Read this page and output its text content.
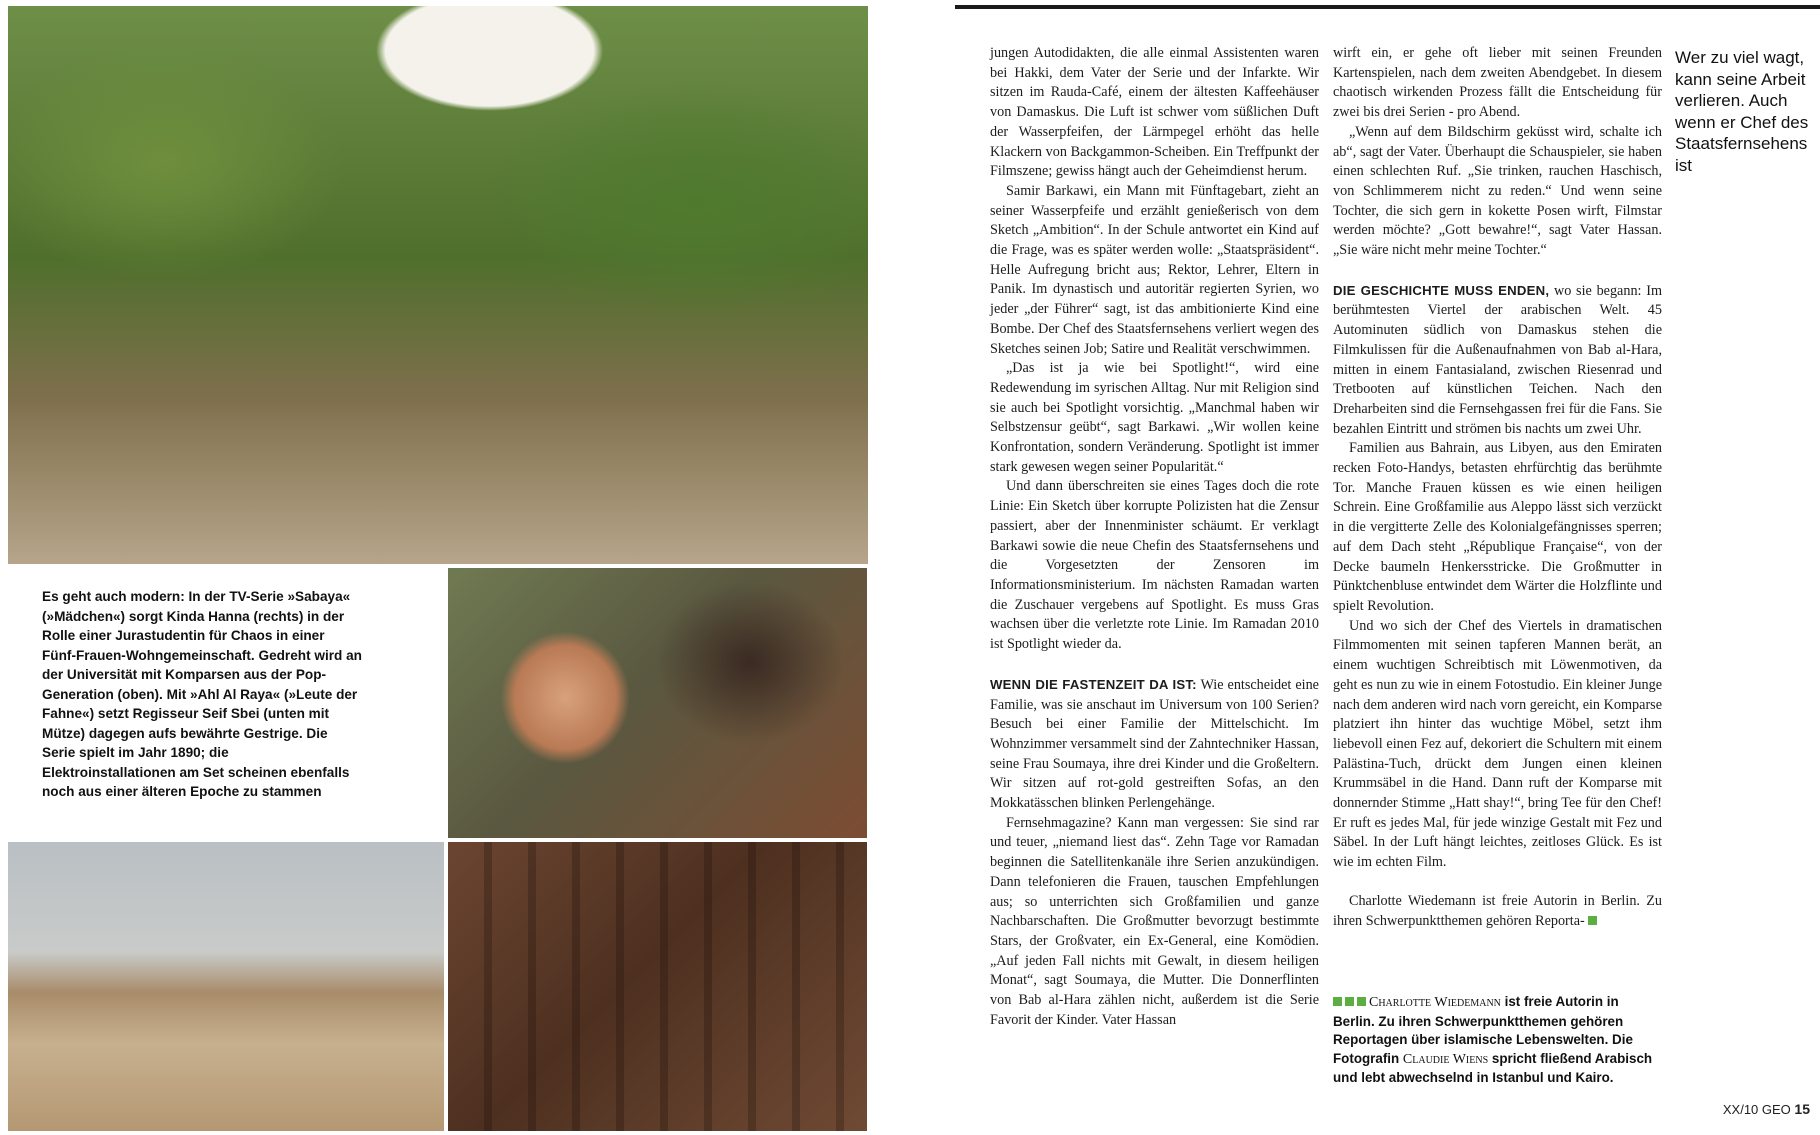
Es geht auch modern: In der TV-Serie »Sabaya« (»Mädchen«) sorgt Kinda Hanna (rechts) in der Rolle einer Jurastudentin für Chaos in einer Fünf-Frauen-Wohngemeinschaft. Gedreht wird an der Universität mit Komparsen aus der Pop-Generation (oben). Mit »Ahl Al Raya« (»Leute der Fahne«) setzt Regisseur Seif Sbei (unten mit Mütze) dagegen aufs bewährte Gestrige. Die Serie spielt im Jahr 1890; die Elektroinstallationen am Set scheinen ebenfalls noch aus einer älteren Epoche zu stammen

jungen Autodidakten, die alle einmal Assistenten waren bei Hakki, dem Vater der Serie und der Infarkte. Wir sitzen im Rauda-Café, einem der ältesten Kaffeehäuser von Damaskus. Die Luft ist schwer vom süßlichen Duft der Wasserpfeifen, der Lärmpegel erhöht das helle Klackern von Backgammon-Scheiben. Ein Treffpunkt der Filmszene; gewiss hängt auch der Geheimdienst herum.

Samir Barkawi, ein Mann mit Fünftagebart, zieht an seiner Wasserpfeife und erzählt genießerisch von dem Sketch „Ambition“. In der Schule antwortet ein Kind auf die Frage, was es später werden wolle: „Staatspräsident“. Helle Aufregung bricht aus; Rektor, Lehrer, Eltern in Panik. Im dynastisch und autoritär regierten Syrien, wo jeder „der Führer“ sagt, ist das ambitionierte Kind eine Bombe. Der Chef des Staatsfernsehens verliert wegen des Sketches seinen Job; Satire und Realität verschwimmen.

„Das ist ja wie bei Spotlight!“, wird eine Redewendung im syrischen Alltag. Nur mit Religion sind sie auch bei Spotlight vorsichtig. „Manchmal haben wir Selbstzensur geübt“, sagt Barkawi. „Wir wollen keine Konfrontation, sondern Veränderung. Spotlight ist immer stark gewesen wegen seiner Popularität.“

Und dann überschreiten sie eines Tages doch die rote Linie: Ein Sketch über korrupte Polizisten hat die Zensur passiert, aber der Innenminister schäumt. Er verklagt Barkawi sowie die neue Chefin des Staatsfernsehens und die Vorgesetzten der Zensoren im Informationsministerium. Im nächsten Ramadan warten die Zuschauer vergebens auf Spotlight. Es muss Gras wachsen über die verletzte rote Linie. Im Ramadan 2010 ist Spotlight wieder da.

WENN DIE FASTENZEIT DA IST: Wie entscheidet eine Familie, was sie anschaut im Universum von 100 Serien? Besuch bei einer Familie der Mittelschicht. Im Wohnzimmer versammelt sind der Zahntechniker Hassan, seine Frau Soumaya, ihre drei Kinder und die Großeltern. Wir sitzen auf rot-gold gestreiften Sofas, an den Mokkatässchen blinken Perlengehänge.

Fernsehmagazine? Kann man vergessen: Sie sind rar und teuer, „niemand liest das“. Zehn Tage vor Ramadan beginnen die Satellitenkanäle ihre Serien anzukündigen. Dann telefonieren die Frauen, tauschen Empfehlungen aus; so unterrichten sich Großfamilien und ganze Nachbarschaften. Die Großmutter bevorzugt bestimmte Stars, der Großvater, ein Ex-General, eine Komödien. „Auf jeden Fall nichts mit Gewalt, in diesem heiligen Monat“, sagt Soumaya, die Mutter. Die Donnerflinten von Bab al-Hara zählen nicht, außerdem ist die Serie Favorit der Kinder. Vater Hassan

wirft ein, er gehe oft lieber mit seinen Freunden Kartenspielen, nach dem zweiten Abendgebet. In diesem chaotisch wirkenden Prozess fällt die Entscheidung für zwei bis drei Serien - pro Abend.

„Wenn auf dem Bildschirm geküsst wird, schalte ich ab“, sagt der Vater. Überhaupt die Schauspieler, sie haben einen schlechten Ruf. „Sie trinken, rauchen Haschisch, von Schlimmerem nicht zu reden.“ Und wenn seine Tochter, die sich gern in kokette Posen wirft, Filmstar werden möchte? „Gott bewahre!“, sagt Vater Hassan. „Sie wäre nicht mehr meine Tochter.“

DIE GESCHICHTE MUSS ENDEN, wo sie begann: Im berühmtesten Viertel der arabischen Welt. 45 Autominuten südlich von Damaskus stehen die Filmkulissen für die Außenaufnahmen von Bab al-Hara, mitten in einem Fantasialand, zwischen Riesenrad und Tretbooten auf künstlichen Teichen. Nach den Dreharbeiten sind die Fernsehgassen frei für die Fans. Sie bezahlen Eintritt und strömen bis nachts um zwei Uhr.

Familien aus Bahrain, aus Libyen, aus den Emiraten recken Foto-Handys, betasten ehrfürchtig das berühmte Tor. Manche Frauen küssen es wie einen heiligen Schrein. Eine Großfamilie aus Aleppo lässt sich verzückt in die vergitterte Zelle des Kolonialgefängnisses sperren; auf dem Dach steht „République Française“, von der Decke baumeln Henkersstricke. Die Großmutter in Pünktchenbluse entwindet dem Wärter die Holzflinte und spielt Revolution.

Und wo sich der Chef des Viertels in dramatischen Filmmomenten mit seinen tapferen Mannen berät, an einem wuchtigen Schreibtisch mit Löwenmotiven, da geht es nun zu wie in einem Fotostudio. Ein kleiner Junge nach dem anderen wird nach vorn gereicht, ein Komparse platziert ihn hinter das wuchtige Möbel, setzt ihm liebevoll einen Fez auf, dekoriert die Schultern mit einem Palästina-Tuch, drückt dem Jungen einen kleinen Krummsäbel in die Hand. Dann ruft der Komparse mit donnernder Stimme „Hatt shay!“, bring Tee für den Chef! Er ruft es jedes Mal, für jede winzige Gestalt mit Fez und Säbel. In der Luft hängt leichtes, zeitloses Glück. Es ist wie im echten Film.

Charlotte Wiedemann ist freie Autorin in Berlin. Zu ihren Schwerpunktthemen gehören Reporta-

Wer zu viel wagt, kann seine Arbeit verlieren. Auch wenn er Chef des Staatsfernsehens ist
Charlotte Wiedemann ist freie Autorin in Berlin. Zu ihren Schwerpunktthemen gehören Reportagen über islamische Lebenswelten. Die Fotografin Claudie Wiens spricht fließend Arabisch und lebt abwechselnd in Istanbul und Kairo.
XX/10 GEO 15
